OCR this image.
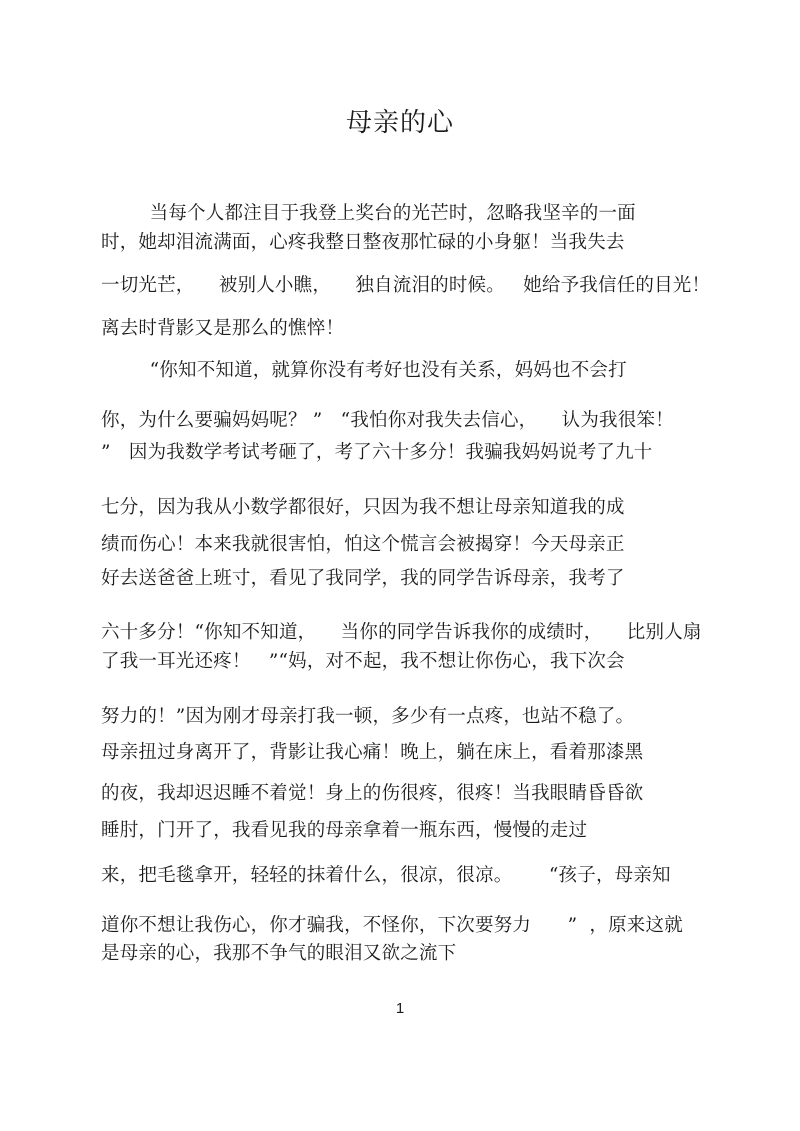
母亲的心
当每个人都注目于我登上奖台的光芒时，忽略我坚辛的一面
时，她却泪流满面，心疼我整日整夜那忙碌的小身躯！当我失去
一切光芒，    被别人小瞧，    独自流泪的时候。   她给予我信任的目光！
离去时背影又是那么的憔悴！
“你知不知道，就算你没有考好也没有关系，妈妈也不会打
你，为什么要骗妈妈呢？ ”   “我怕你对我失去信心，    认为我很笨！
”   因为我数学考试考砸了，考了六十多分！我骗我妈妈说考了九十
七分，因为我从小数学都很好，只因为我不想让母亲知道我的成
绩而伤心！本来我就很害怕，怕这个慌言会被揭穿！今天母亲正
好去送爸爸上班寸，看见了我同学，我的同学告诉母亲，我考了
六十多分！“你知不知道，    当你的同学告诉我你的成绩时，    比别人扇
了我一耳光还疼！   ”“妈，对不起，我不想让你伤心，我下次会
努力的！”因为刚才母亲打我一顿，多少有一点疼，也站不稳了。
母亲扭过身离开了，背影让我心痛！晚上，躺在床上，看着那漆黑
的夜，我却迟迟睡不着觉！身上的伤很疼，很疼！当我眼睛昏昏欲
睡肘，门开了，我看见我的母亲拿着一瓶东西，慢慢的走过
来，把毛毯拿开，轻轻的抹着什么，很凉，很凉。      “孩子，母亲知
道你不想让我伤心，你才骗我，不怪你，下次要努力      ”  ，原来这就
是母亲的心，我那不争气的眼泪又欲之流下
1
